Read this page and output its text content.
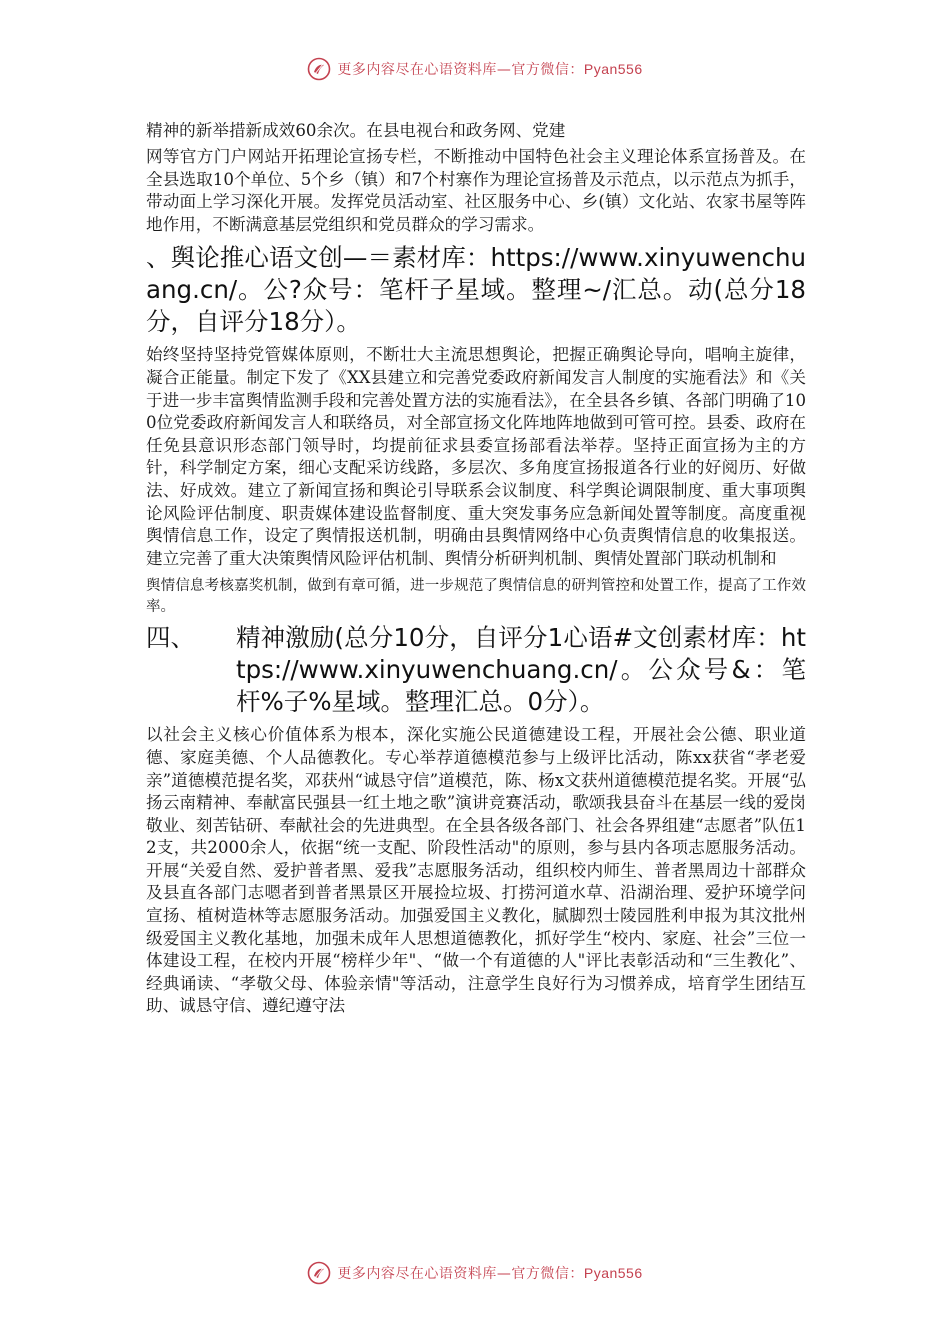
更多内容尽在心语资料库—官方微信： Pyan556

精神的新举措新成效60余次。在县电视台和政务网、党建

网等官方门户网站开拓理论宣扬专栏，不断推动中国特色社会主义理论体系宣扬普及。在全县选取10个单位、5个乡（镇）和7个村寨作为理论宣扬普及示范点，以示范点为抓手，带动面上学习深化开展。发挥党员活动室、社区服务中心、乡(镇）文化站、农家书屋等阵地作用，不断满意基层党组织和党员群众的学习需求。

、舆论推心语文创—＝素材库：https://www.xinyuwenchuang.cn/。公?众号：笔杆子星域。整理~/汇总。动(总分18分，自评分18分）。

始终坚持坚持党管媒体原则，不断壮大主流思想舆论，把握正确舆论导向，唱响主旋律，凝合正能量。制定下发了《XX县建立和完善党委政府新闻发言人制度的实施看法》和《关于进一步丰富舆情监测手段和完善处置方法的实施看法》，在全县各乡镇、各部门明确了100位党委政府新闻发言人和联络员，对全部宣扬文化阵地阵地做到可管可控。县委、政府在任免县意识形态部门领导时，均提前征求县委宣扬部看法举荐。坚持正面宣扬为主的方针，科学制定方案，细心支配采访线路，多层次、多角度宣扬报道各行业的好阅历、好做法、好成效。建立了新闻宣扬和舆论引导联系会议制度、科学舆论调限制度、重大事项舆论风险评估制度、职责媒体建设监督制度、重大突发事务应急新闻处置等制度。高度重视舆情信息工作，设定了舆情报送机制，明确由县舆情网络中心负责舆情信息的收集报送。建立完善了重大决策舆情风险评估机制、舆情分析研判机制、舆情处置部门联动机制和

舆情信息考核嘉奖机制，做到有章可循，进一步规范了舆情信息的研判管控和处置工作，提高了工作效率。

四、	精神激励(总分10分，自评分1心语#文创素材库：https://www.xinyuwenchuang.cn/。公众号&：笔杆%子%星域。整理汇总。0分）。

以社会主义核心价值体系为根本，深化实施公民道德建设工程，开展社会公德、职业道德、家庭美德、个人品德教化。专心举荐道德模范参与上级评比活动，陈xx获省“孝老爱亲”道德模范提名奖，邓获州“诚恳守信”道模范，陈、杨x文获州道德模范提名奖。开展“弘扬云南精神、奉献富民强县一红土地之歌”演讲竞赛活动，歌颂我县奋斗在基层一线的爱岗敬业、刻苦钻研、奉献社会的先进典型。在全县各级各部门、社会各界组建“志愿者”队伍12支，共2000余人，依据“统一支配、阶段性活动"的原则，参与县内各项志愿服务活动。开展“关爱自然、爱护普者黑、爱我”志愿服务活动，组织校内师生、普者黑周边十部群众及县直各部门志嗯者到普者黑景区开展捡垃圾、打捞河道水草、沿湖治理、爱护环境学问宣扬、植树造林等志愿服务活动。加强爱国主义教化，腻脚烈士陵园胜利申报为其汶批州级爱国主义教化基地，加强未成年人思想道德教化，抓好学生“校内、家庭、社会”三位一体建设工程，在校内开展“榜样少年"、“做一个有道德的人"评比表彰活动和“三生教化”、经典诵读、“孝敬父母、体验亲情"等活动，注意学生良好行为习惯养成，培育学生团结互助、诚恳守信、遵纪遵守法

更多内容尽在心语资料库—官方微信： Pyan556
